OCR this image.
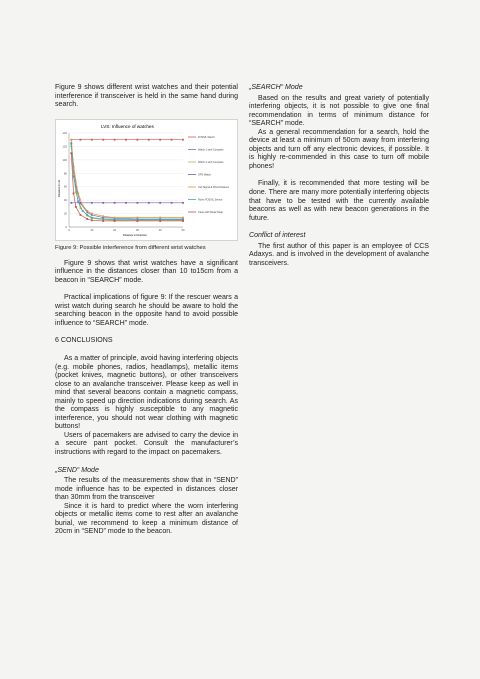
Figure 9 shows different wrist watches and their potential interference if transceiver is held in the same hand during search.

LVS: Influence of watches
Distance in Direction
Distance in cm
0
20
40
60
80
100
120
140
0	10	20	30	40	50
FOSSIL Watch
Watch 1 with Compass
Watch 2 with Compass
GPS Watch
Cell Signal & Wrist Distance
Rolex FOSSIL Sensor
Casio with Metal Strap

Figure 9: Possible interference from different wrist watches

Figure 9 shows that wrist watches have a significant influence in the distances closer than 10 to15cm from a beacon in “SEARCH” mode.

Practical implications of figure 9: If the rescuer wears a wrist watch during search he should be aware to hold the searching beacon in the opposite hand to avoid possible influence to “SEARCH” mode.

6 CONCLUSIONS

As a matter of principle, avoid having interfering objects (e.g. mobile phones, radios, headlamps), metallic items (pocket knives, magnetic buttons), or other transceivers close to an avalanche transceiver. Please keep as well in mind that several beacons contain a magnetic compass, mainly to speed up direction indications during search. As the compass is highly susceptible to any magnetic interference, you should not wear clothing with magnetic buttons!

Users of pacemakers are advised to carry the device in a secure pant pocket. Consult the manufacturer’s instructions with regard to the impact on pacemakers.

„SEND“ Mode

The results of the measurements show that in “SEND” mode influence has to be expected in distances closer than 30mm from the transceiver

Since it is hard to predict where the worn interfering objects or metallic items come to rest after an avalanche burial, we recommend to keep a minimum distance of 20cm in “SEND” mode to the beacon.

„SEARCH“ Mode

Based on the results and great variety of potentially interfering objects, it is not possible to give one final recommendation in terms of minimum distance for “SEARCH” mode.

As a general recommendation for a search, hold the device at least a minimum of 50cm away from interfering objects and turn off any electronic devices, if possible. It is highly re-commended in this case to turn off mobile phones!

Finally, it is recommended that more testing will be done. There are many more potentially interfering objects that have to be tested with the currently available beacons as well as with new beacon generations in the future.

Conflict of interest

The first author of this paper is an employee of CCS Adaxys. and is involved in the development of avalanche transceivers.
